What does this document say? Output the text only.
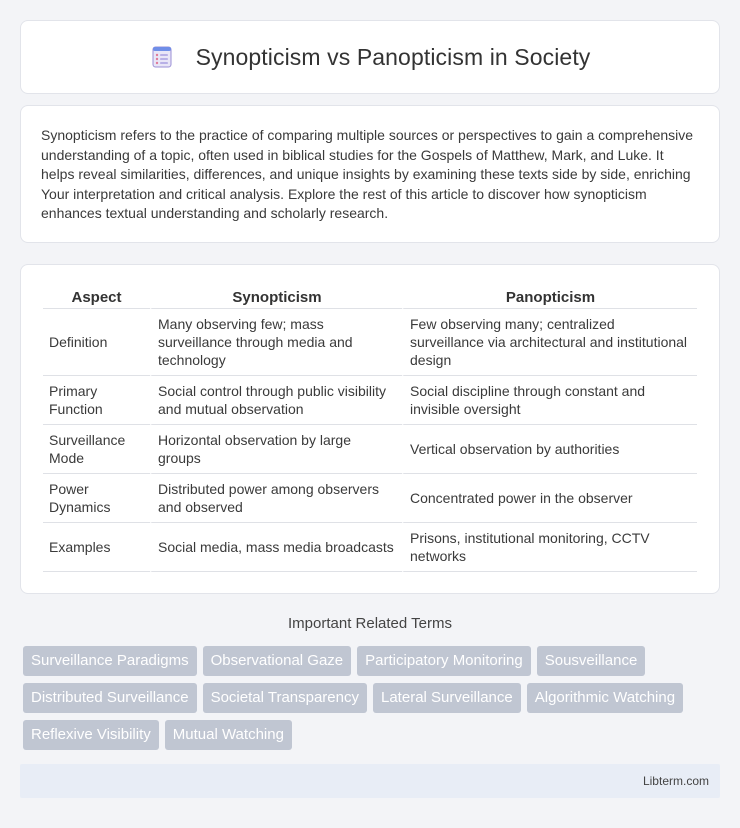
Synopticism vs Panopticism in Society

Synopticism refers to the practice of comparing multiple sources or perspectives to gain a comprehensive understanding of a topic, often used in biblical studies for the Gospels of Matthew, Mark, and Luke. It helps reveal similarities, differences, and unique insights by examining these texts side by side, enriching Your interpretation and critical analysis. Explore the rest of this article to discover how synopticism enhances textual understanding and scholarly research.

Aspect	Synopticism	Panopticism
Definition	Many observing few; mass surveillance through media and technology	Few observing many; centralized surveillance via architectural and institutional design
Primary Function	Social control through public visibility and mutual observation	Social discipline through constant and invisible oversight
Surveillance Mode	Horizontal observation by large groups	Vertical observation by authorities
Power Dynamics	Distributed power among observers and observed	Concentrated power in the observer
Examples	Social media, mass media broadcasts	Prisons, institutional monitoring, CCTV networks
Important Related Terms
Surveillance Paradigms	Observational Gaze	Participatory Monitoring	Sousveillance
Distributed Surveillance	Societal Transparency	Lateral Surveillance	Algorithmic Watching
Reflexive Visibility	Mutual Watching
Libterm.com
